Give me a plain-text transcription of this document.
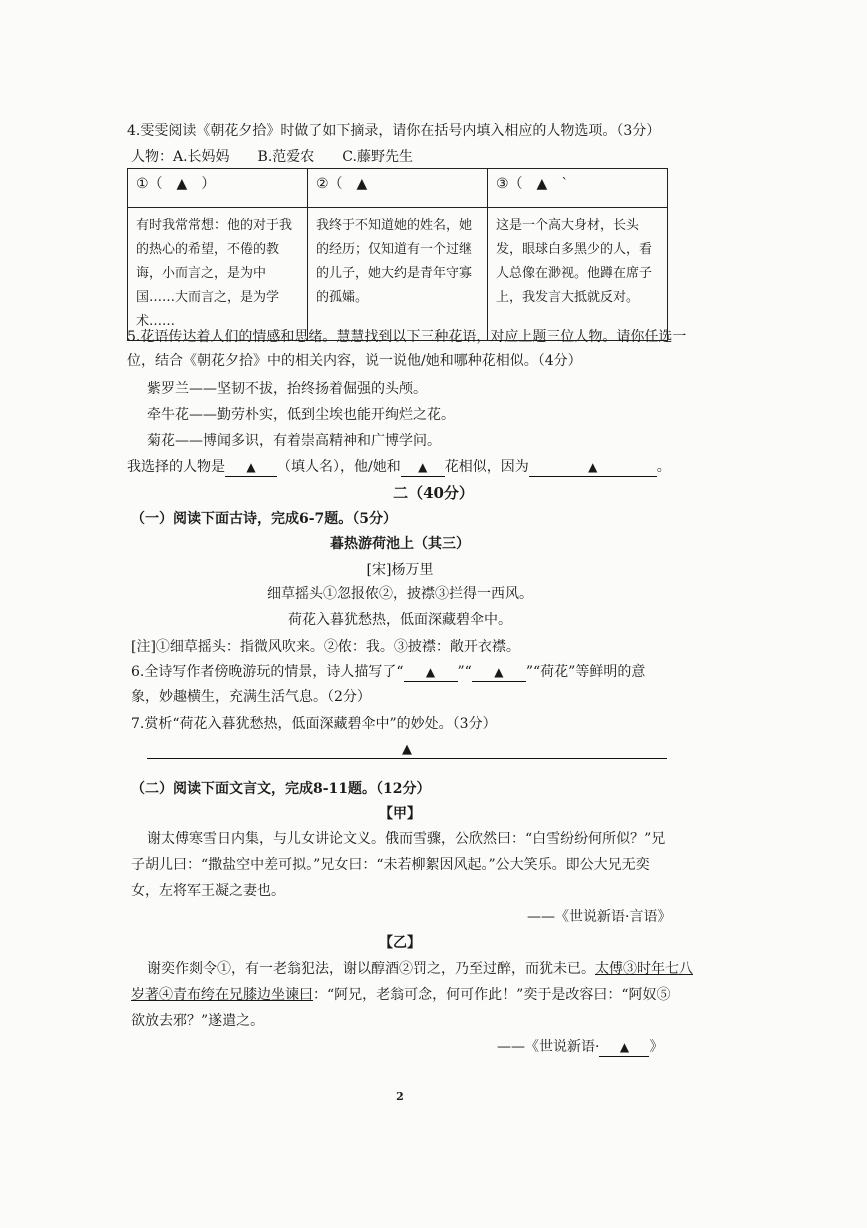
4.雯雯阅读《朝花夕拾》时做了如下摘录，请你在括号内填入相应的人物选项。（3分）
人物：A.长妈妈　　B.范爱农　　C.藤野先生
①（　▲　）	②（　▲	③（　▲　`
有时我常常想：他的对于我的热心的希望，不倦的教诲，小而言之，是为中国……大而言之，是为学术……	我终于不知道她的姓名，她的经历；仅知道有一个过继的儿子，她大约是青年守寡的孤孀。	这是一个高大身材，长头发，眼球白多黑少的人，看人总像在渺视。他蹲在席子上，我发言大抵就反对。
5.花语传达着人们的情感和思绪。慧慧找到以下三种花语，对应上题三位人物。请你任选一
位，结合《朝花夕拾》中的相关内容，说一说他/她和哪种花相似。（4分）
紫罗兰——坚韧不拔，抬终扬着倔强的头颅。
牵牛花——勤劳朴实，低到尘埃也能开绚烂之花。
菊花——博闻多识，有着崇高精神和广博学问。
我选择的人物是 ▲ （填人名），他/她和 ▲ 花相似，因为	▲	。
二（40分）
（一）阅读下面古诗，完成6-7题。（5分）
暮热游荷池上（其三）
[宋]杨万里
细草摇头①忽报侬②，披襟③拦得一西风。
荷花入暮犹愁热，低面深藏碧伞中。
[注]①细草摇头：指微风吹来。②侬：我。③披襟：敞开衣襟。
6.全诗写作者傍晚游玩的情景，诗人描写了“ ▲ ”“ ▲ ”“荷花”等鲜明的意
象，妙趣横生，充满生活气息。（2分）
7.赏析“荷花入暮犹愁热，低面深藏碧伞中”的妙处。（3分）
▲
（二）阅读下面文言文，完成8-11题。（12分）
【甲】
谢太傅寒雪日内集，与儿女讲论文义。俄而雪骤，公欣然曰：“白雪纷纷何所似？”兄
子胡儿曰：“撒盐空中差可拟。”兄女曰：“未若柳絮因风起。”公大笑乐。即公大兄无奕
女，左将军王凝之妻也。
——《世说新语·言语》
【乙】
谢奕作剡令①，有一老翁犯法，谢以醇酒②罚之，乃至过醉，而犹未已。太傅③时年七八
岁著④青布绔在兄膝边坐谏曰：“阿兄，老翁可念，何可作此！”奕于是改容曰：“阿奴⑤
欲放去邪？”遂遣之。
——《世说新语· ▲ 》
2
